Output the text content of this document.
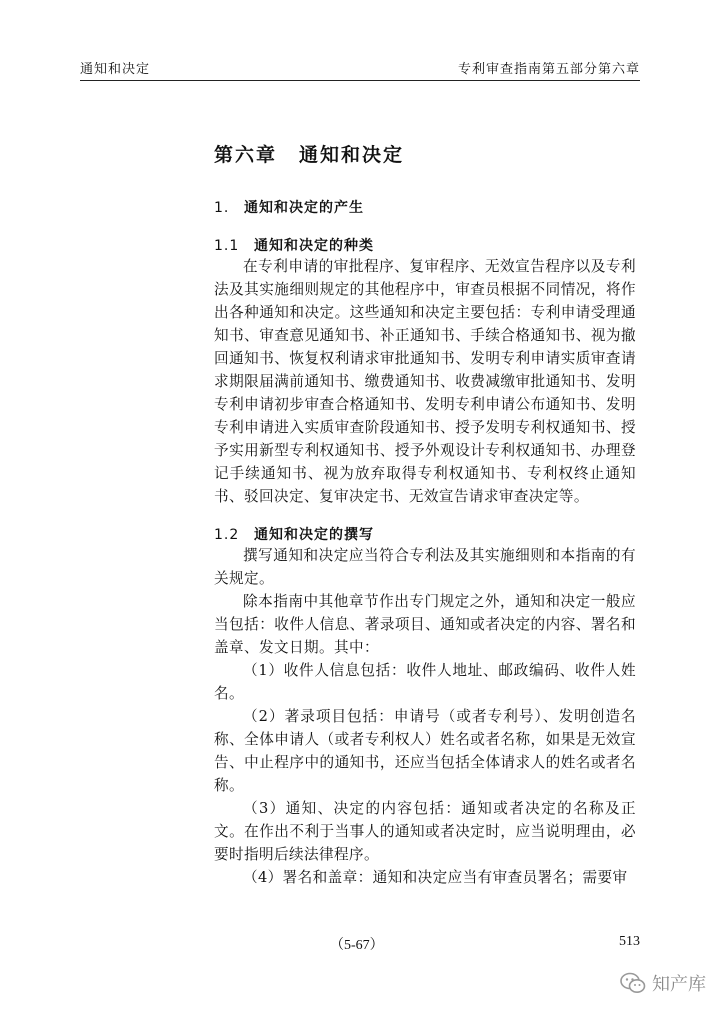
通知和决定	专利审查指南第五部分第六章
第六章 通知和决定
1. 通知和决定的产生
1.1 通知和决定的种类

在专利申请的审批程序、复审程序、无效宣告程序以及专利法及其实施细则规定的其他程序中，审查员根据不同情况，将作出各种通知和决定。这些通知和决定主要包括：专利申请受理通知书、审查意见通知书、补正通知书、手续合格通知书、视为撤回通知书、恢复权利请求审批通知书、发明专利申请实质审查请求期限届满前通知书、缴费通知书、收费减缴审批通知书、发明专利申请初步审查合格通知书、发明专利申请公布通知书、发明专利申请进入实质审查阶段通知书、授予发明专利权通知书、授予实用新型专利权通知书、授予外观设计专利权通知书、办理登记手续通知书、视为放弃取得专利权通知书、专利权终止通知书、驳回决定、复审决定书、无效宣告请求审查决定等。

1.2 通知和决定的撰写

撰写通知和决定应当符合专利法及其实施细则和本指南的有关规定。

除本指南中其他章节作出专门规定之外，通知和决定一般应当包括：收件人信息、著录项目、通知或者决定的内容、署名和盖章、发文日期。其中：

（1）收件人信息包括：收件人地址、邮政编码、收件人姓名。

（2）著录项目包括：申请号（或者专利号）、发明创造名称、全体申请人（或者专利权人）姓名或者名称，如果是无效宣告、中止程序中的通知书，还应当包括全体请求人的姓名或者名称。

（3）通知、决定的内容包括：通知或者决定的名称及正文。在作出不利于当事人的通知或者决定时，应当说明理由，必要时指明后续法律程序。

（4）署名和盖章：通知和决定应当有审查员署名；需要审

（5-67）	513
知产库
